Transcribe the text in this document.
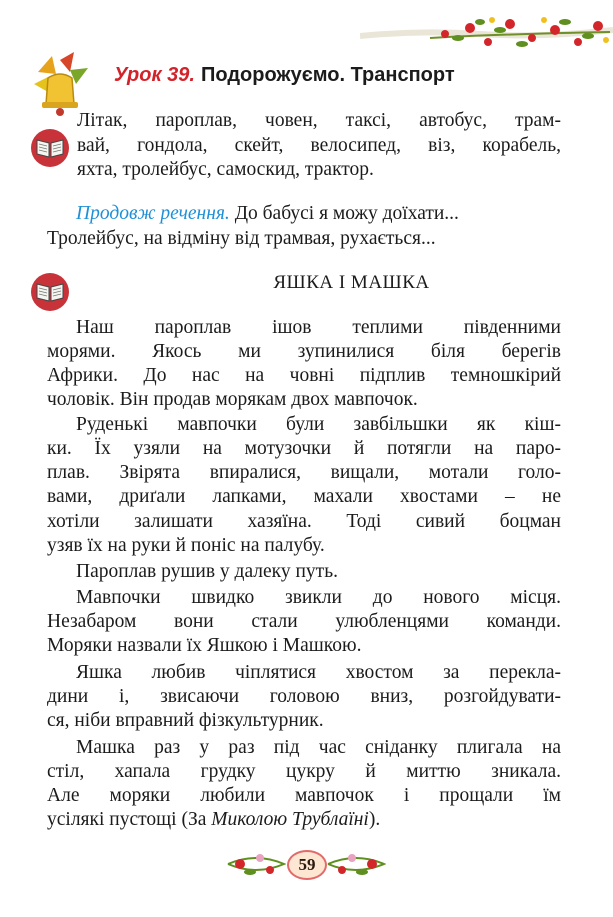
Урок 39. Подорожуємо. Транспорт
Літак, пароплав, човен, таксі, автобус, трам-
вай, гондола, скейт, велосипед, віз, корабель,
яхта, тролейбус, самоскид, трактор.
Продовж речення. До бабусі я можу доїхати...
Тролейбус, на відміну від трамвая, рухається...
ЯШКА І МАШКА
Наш пароплав ішов теплими південними
морями. Якось ми зупинилися біля берегів
Африки. До нас на човні підплив темношкірий
чоловік. Він продав морякам двох мавпочок.
Руденькі мавпочки були завбільшки як кіш-
ки. Їх узяли на мотузочки й потягли на паро-
плав. Звірята впиралися, вищали, мотали голо-
вами, дриґали лапками, махали хвостами – не
хотіли залишати хазяїна. Тоді сивий боцман
узяв їх на руки й поніс на палубу.
Пароплав рушив у далеку путь.
Мавпочки швидко звикли до нового місця.
Незабаром вони стали улюбленцями команди.
Моряки назвали їх Яшкою і Машкою.
Яшка любив чіплятися хвостом за перекла-
дини і, звисаючи головою вниз, розгойдувати-
ся, ніби вправний фізкультурник.
Машка раз у раз під час сніданку плигала на
стіл, хапала грудку цукру й миттю зникала.
Але моряки любили мавпочок і прощали їм
усілякі пустощі (За Миколою Трублаїні).
59
